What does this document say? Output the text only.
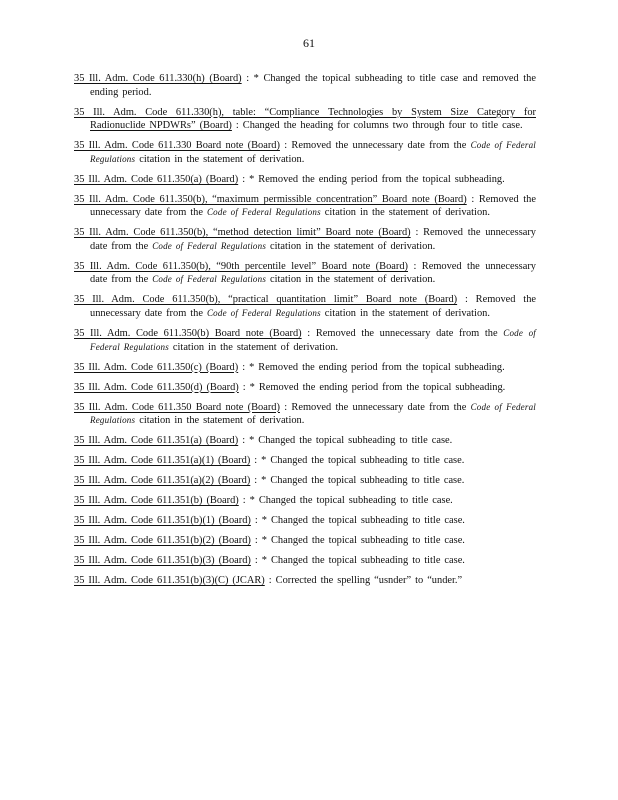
61

35 Ill. Adm. Code 611.330(h) (Board) : * Changed the topical subheading to title case and removed the ending period.

35 Ill. Adm. Code 611.330(h), table: “Compliance Technologies by System Size Category for Radionuclide NPDWRs” (Board) : Changed the heading for columns two through four to title case.

35 Ill. Adm. Code 611.330 Board note (Board) : Removed the unnecessary date from the Code of Federal Regulations citation in the statement of derivation.

35 Ill. Adm. Code 611.350(a) (Board) : * Removed the ending period from the topical subheading.

35 Ill. Adm. Code 611.350(b), “maximum permissible concentration” Board note (Board) : Removed the unnecessary date from the Code of Federal Regulations citation in the statement of derivation.

35 Ill. Adm. Code 611.350(b), “method detection limit” Board note (Board) : Removed the unnecessary date from the Code of Federal Regulations citation in the statement of derivation.

35 Ill. Adm. Code 611.350(b), “90th percentile level” Board note (Board) : Removed the unnecessary date from the Code of Federal Regulations citation in the statement of derivation.

35 Ill. Adm. Code 611.350(b), “practical quantitation limit” Board note (Board) : Removed the unnecessary date from the Code of Federal Regulations citation in the statement of derivation.

35 Ill. Adm. Code 611.350(b) Board note (Board) : Removed the unnecessary date from the Code of Federal Regulations citation in the statement of derivation.

35 Ill. Adm. Code 611.350(c) (Board) : * Removed the ending period from the topical subheading.

35 Ill. Adm. Code 611.350(d) (Board) : * Removed the ending period from the topical subheading.

35 Ill. Adm. Code 611.350 Board note (Board) : Removed the unnecessary date from the Code of Federal Regulations citation in the statement of derivation.

35 Ill. Adm. Code 611.351(a) (Board) : * Changed the topical subheading to title case.

35 Ill. Adm. Code 611.351(a)(1) (Board) : * Changed the topical subheading to title case.

35 Ill. Adm. Code 611.351(a)(2) (Board) : * Changed the topical subheading to title case.

35 Ill. Adm. Code 611.351(b) (Board) : * Changed the topical subheading to title case.

35 Ill. Adm. Code 611.351(b)(1) (Board) : * Changed the topical subheading to title case.

35 Ill. Adm. Code 611.351(b)(2) (Board) : * Changed the topical subheading to title case.

35 Ill. Adm. Code 611.351(b)(3) (Board) : * Changed the topical subheading to title case.

35 Ill. Adm. Code 611.351(b)(3)(C) (JCAR) : Corrected the spelling “usnder” to “under.”
